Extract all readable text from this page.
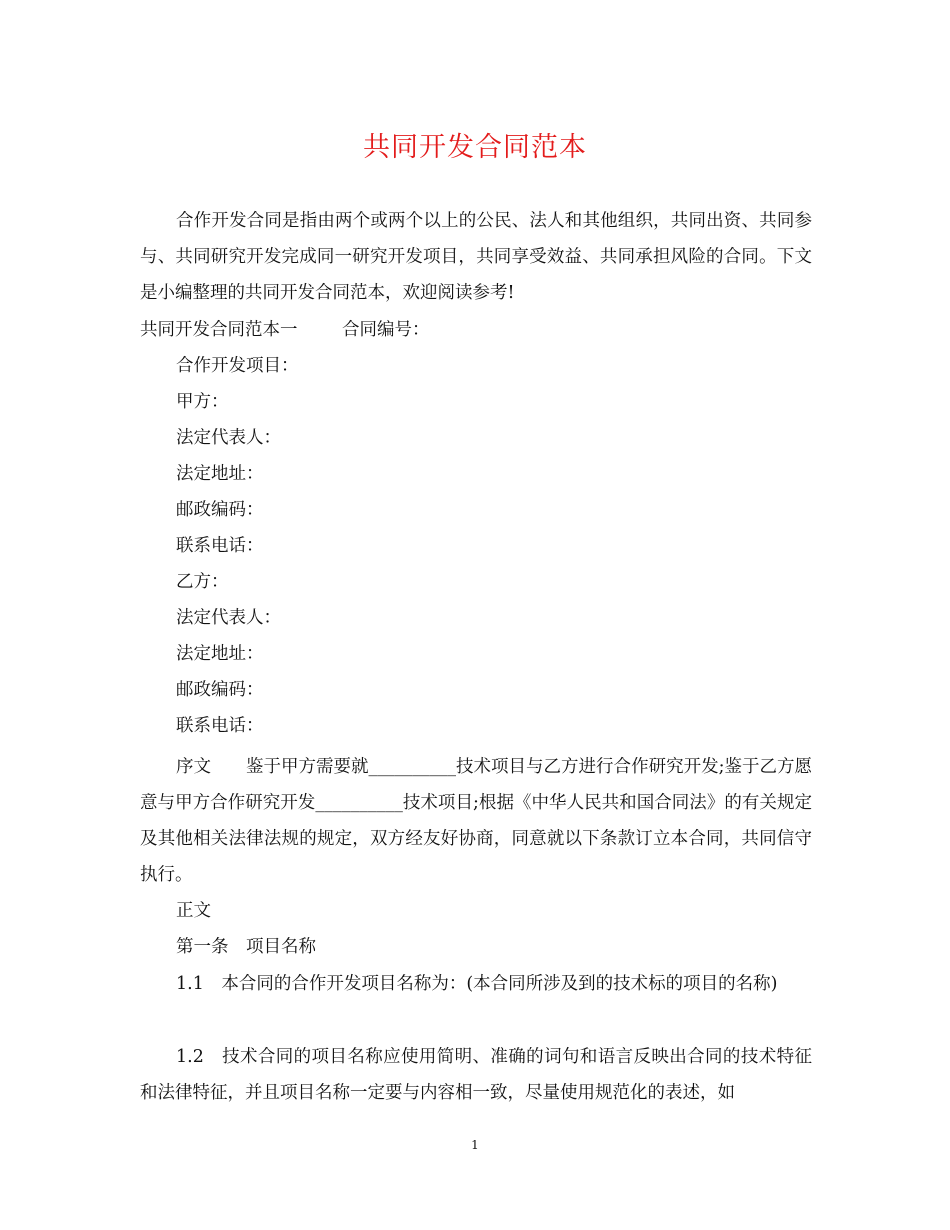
共同开发合同范本

合作开发合同是指由两个或两个以上的公民、法人和其他组织，共同出资、共同参与、共同研究开发完成同一研究开发项目，共同享受效益、共同承担风险的合同。下文是小编整理的共同开发合同范本，欢迎阅读参考!

共同开发合同范本一	合同编号：
合作开发项目：
甲方：
法定代表人：
法定地址：
邮政编码：
联系电话：
乙方：
法定代表人：
法定地址：
邮政编码：
联系电话：

序文　　鉴于甲方需要就__________技术项目与乙方进行合作研究开发;鉴于乙方愿意与甲方合作研究开发__________技术项目;根据《中华人民共和国合同法》的有关规定及其他相关法律法规的规定，双方经友好协商，同意就以下条款订立本合同，共同信守执行。

正文
第一条　项目名称

1.1　本合同的合作开发项目名称为：(本合同所涉及到的技术标的项目的名称)

1.2　技术合同的项目名称应使用简明、准确的词句和语言反映出合同的技术特征和法律特征，并且项目名称一定要与内容相一致，尽量使用规范化的表述，如

1
